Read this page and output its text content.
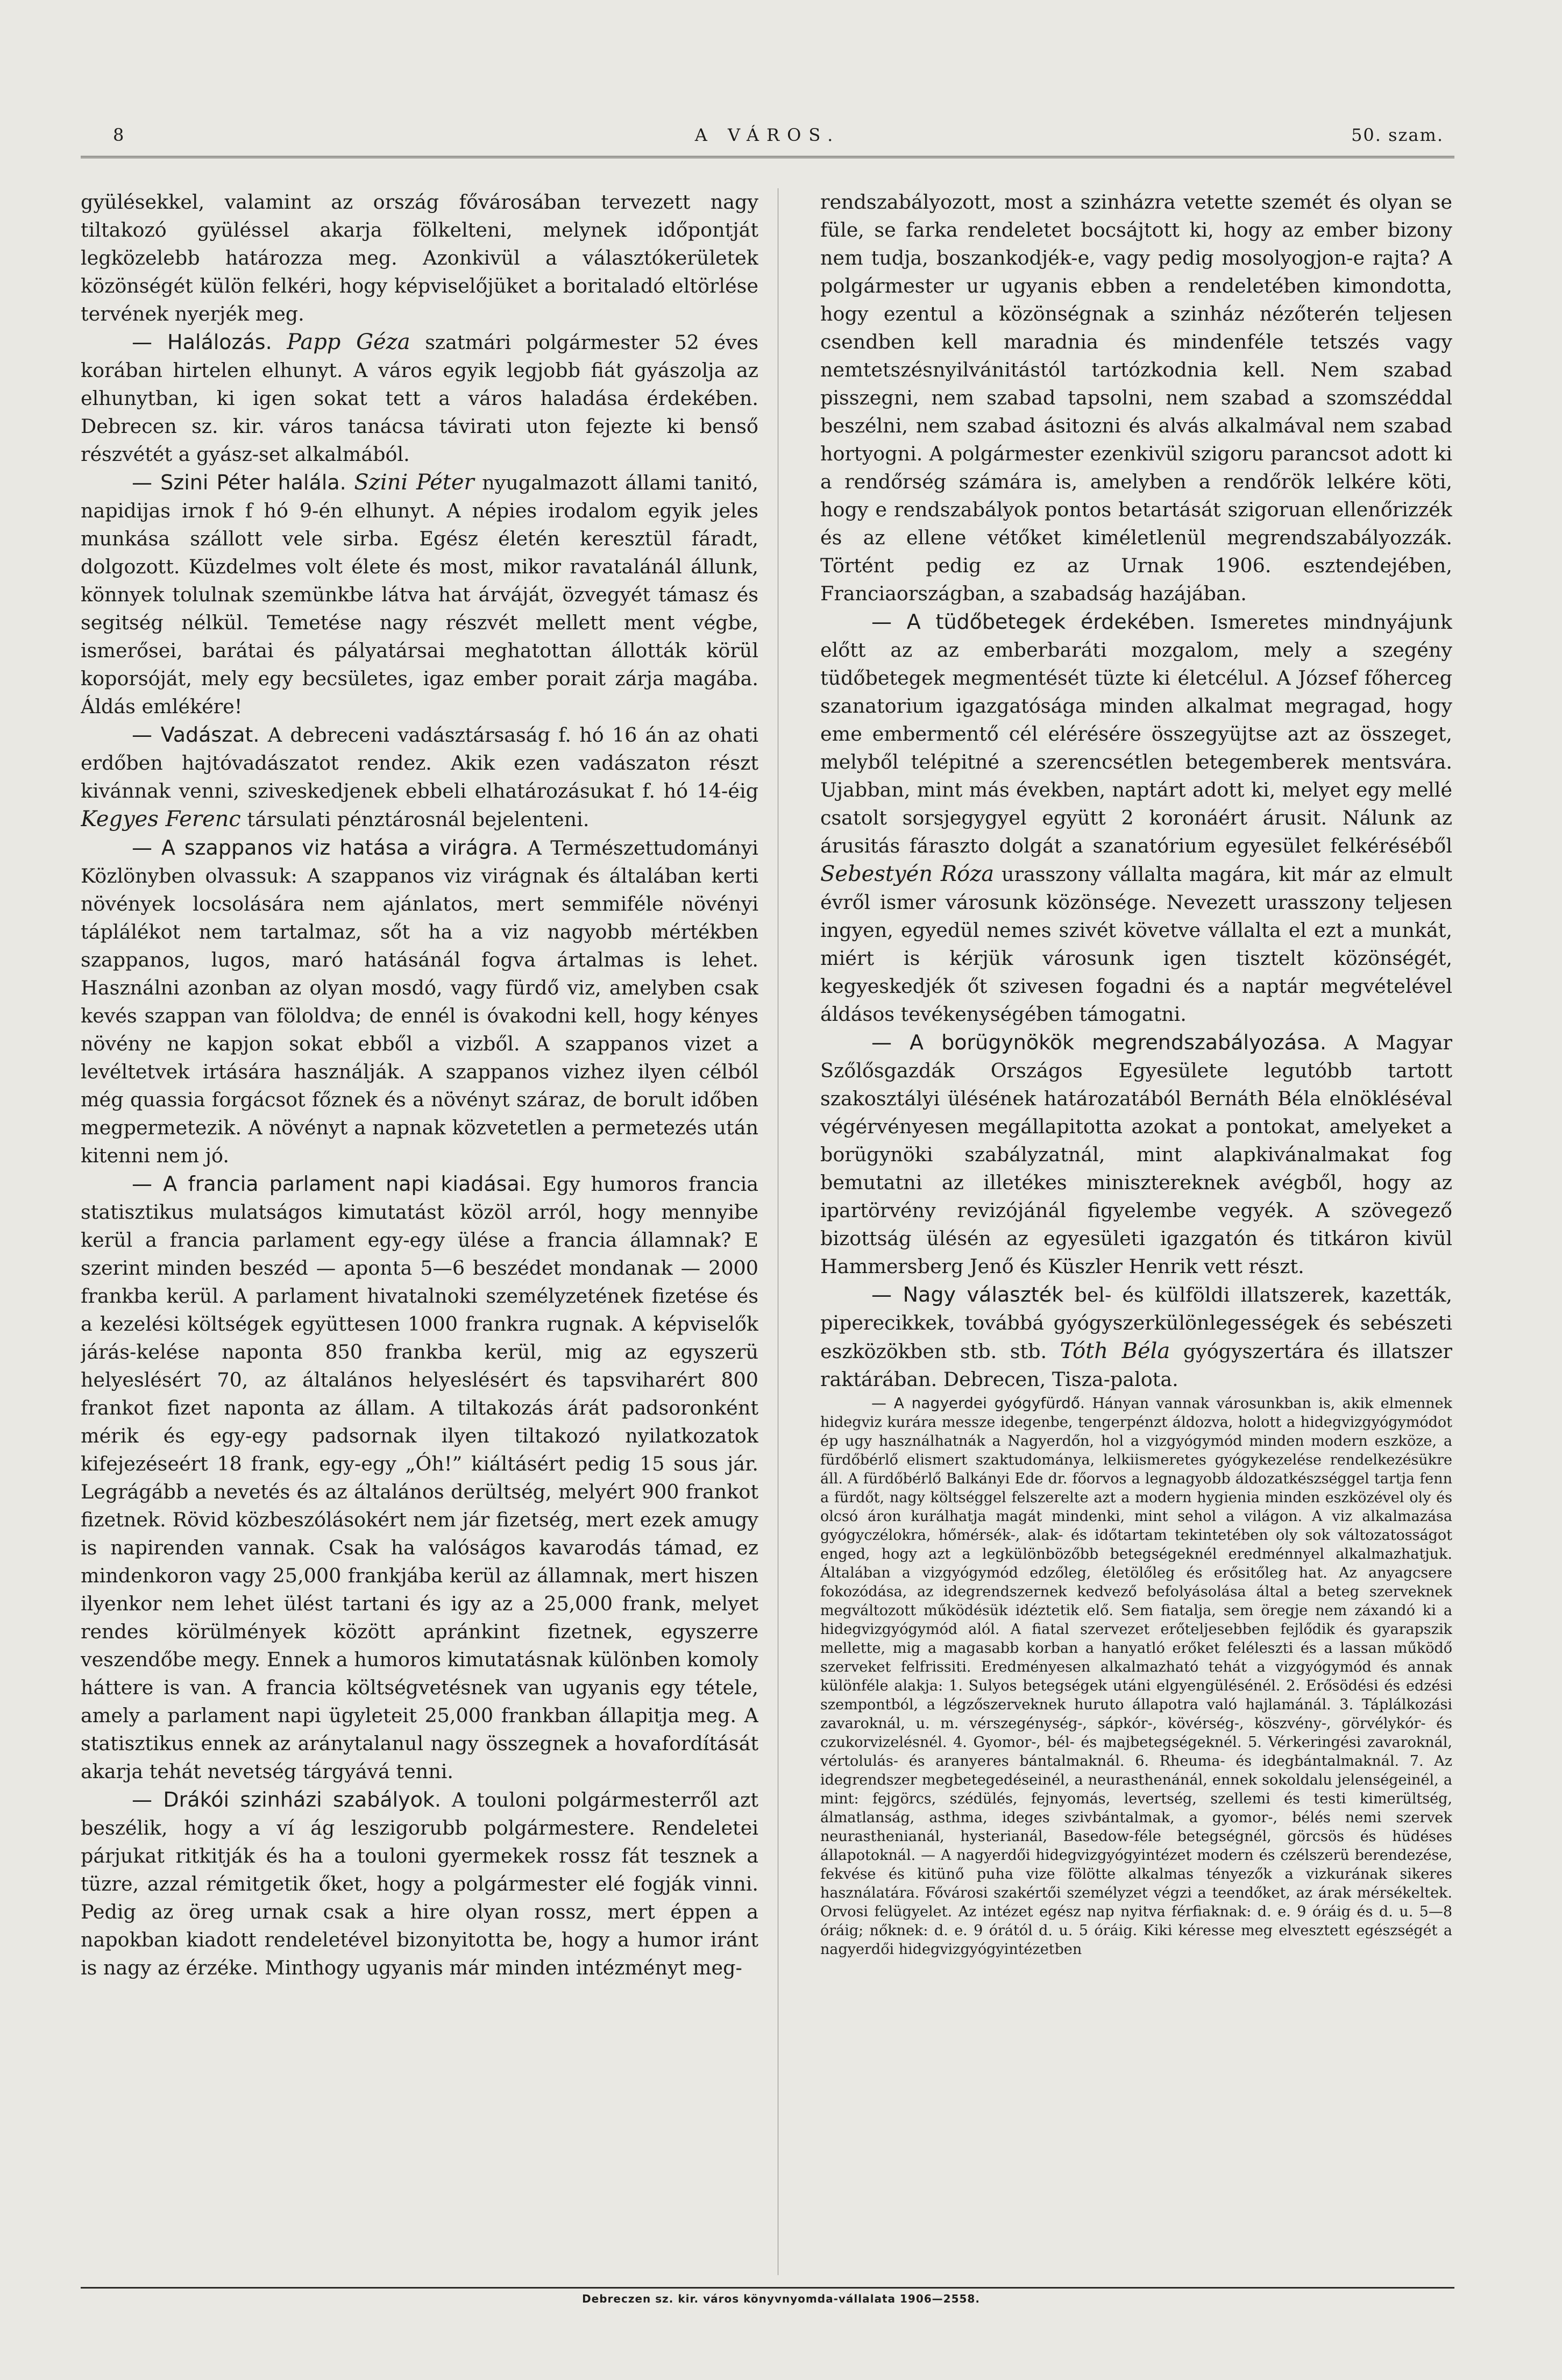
8	A VÁROS.	50. szam.

gyülésekkel, valamint az ország fővárosában tervezett nagy tiltakozó gyüléssel akarja fölkelteni, melynek időpontját legközelebb határozza meg. Azonkivül a választókerületek közönségét külön felkéri, hogy képviselőjüket a boritaladó eltörlése tervének nyerjék meg.

— Halálozás. Papp Géza szatmári polgármester 52 éves korában hirtelen elhunyt. A város egyik legjobb fiát gyászolja az elhunytban, ki igen sokat tett a város haladása érdekében. Debrecen sz. kir. város tanácsa távirati uton fejezte ki benső részvétét a gyász-set alkalmából.

— Szini Péter halála. Szini Péter nyugalmazott állami tanitó, napidijas irnok f hó 9-én elhunyt. A népies irodalom egyik jeles munkása szállott vele sirba. Egész életén keresztül fáradt, dolgozott. Küzdelmes volt élete és most, mikor ravatalánál állunk, könnyek tolulnak szemünkbe látva hat árváját, özvegyét támasz és segitség nélkül. Temetése nagy részvét mellett ment végbe, ismerősei, barátai és pályatársai meghatottan állották körül koporsóját, mely egy becsületes, igaz ember porait zárja magába. Áldás emlékére!

— Vadászat. A debreceni vadásztársaság f. hó 16 án az ohati erdőben hajtóvadászatot rendez. Akik ezen vadászaton részt kivánnak venni, sziveskedjenek ebbeli elhatározásukat f. hó 14-éig Kegyes Ferenc társulati pénztárosnál bejelenteni.

— A szappanos viz hatása a virágra. A Természettudományi Közlönyben olvassuk: A szappanos viz virágnak és általában kerti növények locsolására nem ajánlatos, mert semmiféle növényi táplálékot nem tartalmaz, sőt ha a viz nagyobb mértékben szappanos, lugos, maró hatásánál fogva ártalmas is lehet. Használni azonban az olyan mosdó, vagy fürdő viz, amelyben csak kevés szappan van föloldva; de ennél is óvakodni kell, hogy kényes növény ne kapjon sokat ebből a vizből. A szappanos vizet a levéltetvek irtására használják. A szappanos vizhez ilyen célból még quassia forgácsot főznek és a növényt száraz, de borult időben megpermetezik. A növényt a napnak közvetetlen a permetezés után kitenni nem jó.

— A francia parlament napi kiadásai. Egy humoros francia statisztikus mulatságos kimutatást közöl arról, hogy mennyibe kerül a francia parlament egy-egy ülése a francia államnak? E szerint minden beszéd — aponta 5—6 beszédet mondanak — 2000 frankba kerül. A parlament hivatalnoki személyzetének fizetése és a kezelési költségek együttesen 1000 frankra rugnak. A képviselők járás-kelése naponta 850 frankba kerül, mig az egyszerü helyeslésért 70, az általános helyeslésért és tapsviharért 800 frankot fizet naponta az állam. A tiltakozás árát padsoronként mérik és egy-egy padsornak ilyen tiltakozó nyilatkozatok kifejezéseért 18 frank, egy-egy „Óh!” kiáltásért pedig 15 sous jár. Legrágább a nevetés és az általános derültség, melyért 900 frankot fizetnek. Rövid közbeszólásokért nem jár fizetség, mert ezek amugy is napirenden vannak. Csak ha valóságos kavarodás támad, ez mindenkoron vagy 25,000 frankjába kerül az államnak, mert hiszen ilyenkor nem lehet ülést tartani és igy az a 25,000 frank, melyet rendes körülmények között apránkint fizetnek, egyszerre veszendőbe megy. Ennek a humoros kimutatásnak különben komoly háttere is van. A francia költségvetésnek van ugyanis egy tétele, amely a parlament napi ügyleteit 25,000 frankban állapitja meg. A statisztikus ennek az aránytalanul nagy összegnek a hovafordítását akarja tehát nevetség tárgyává tenni.

— Drákói szinházi szabályok. A touloni polgármesterről azt beszélik, hogy a ví ág leszigorubb polgármestere. Rendeletei párjukat ritkitják és ha a touloni gyermekek rossz fát tesznek a tüzre, azzal rémitgetik őket, hogy a polgármester elé fogják vinni. Pedig az öreg urnak csak a hire olyan rossz, mert éppen a napokban kiadott rendeletével bizonyitotta be, hogy a humor iránt is nagy az érzéke. Minthogy ugyanis már minden intézményt meg-

rendszabályozott, most a szinházra vetette szemét és olyan se füle, se farka rendeletet bocsájtott ki, hogy az ember bizony nem tudja, boszankodjék-e, vagy pedig mosolyogjon-e rajta? A polgármester ur ugyanis ebben a rendeletében kimondotta, hogy ezentul a közönségnak a szinház nézőterén teljesen csendben kell maradnia és mindenféle tetszés vagy nemtetszésnyilvánitástól tartózkodnia kell. Nem szabad pisszegni, nem szabad tapsolni, nem szabad a szomszéddal beszélni, nem szabad ásitozni és alvás alkalmával nem szabad hortyogni. A polgármester ezenkivül szigoru parancsot adott ki a rendőrség számára is, amelyben a rendőrök lelkére köti, hogy e rendszabályok pontos betartását szigoruan ellenőrizzék és az ellene vétőket kiméletlenül megrendszabályozzák. Történt pedig ez az Urnak 1906. esztendejében, Franciaországban, a szabadság hazájában.

— A tüdőbetegek érdekében. Ismeretes mindnyájunk előtt az az emberbaráti mozgalom, mely a szegény tüdőbetegek megmentését tüzte ki életcélul. A József főherceg szanatorium igazgatósága minden alkalmat megragad, hogy eme embermentő cél elérésére összegyüjtse azt az összeget, melyből telépitné a szerencsétlen betegemberek mentsvára. Ujabban, mint más években, naptárt adott ki, melyet egy mellé csatolt sorsjegygyel együtt 2 koronáért árusit. Nálunk az árusitás fáraszto dolgát a szanatórium egyesület felkéréséből Sebestyén Róza urasszony vállalta magára, kit már az elmult évről ismer városunk közönsége. Nevezett urasszony teljesen ingyen, egyedül nemes szivét követve vállalta el ezt a munkát, miért is kérjük városunk igen tisztelt közönségét, kegyeskedjék őt szivesen fogadni és a naptár megvételével áldásos tevékenységében támogatni.

— A borügynökök megrendszabályozása. A Magyar Szőlősgazdák Országos Egyesülete legutóbb tartott szakosztályi ülésének határozatából Bernáth Béla elnökléséval végérvényesen megállapitotta azokat a pontokat, amelyeket a borügynöki szabályzatnál, mint alapkivánalmakat fog bemutatni az illetékes minisztereknek avégből, hogy az ipartörvény revizójánál figyelembe vegyék. A szövegező bizottság ülésén az egyesületi igazgatón és titkáron kivül Hammersberg Jenő és Küszler Henrik vett részt.

— Nagy választék bel- és külföldi illatszerek, kazetták, piperecikkek, továbbá gyógyszerkülönlegességek és sebészeti eszközökben stb. stb. Tóth Béla gyógyszertára és illatszer raktárában. Debrecen, Tisza-palota.

— A nagyerdei gyógyfürdő. Hányan vannak városunkban is, akik elmennek hidegviz kurára messze idegenbe, tengerpénzt áldozva, holott a hidegvizgyógymódot ép ugy használhatnák a Nagyerdőn, hol a vizgyógymód minden modern eszköze, a fürdőbérlő elismert szaktudománya, lelkiismeretes gyógykezelése rendelkezésükre áll. A fürdőbérlő Balkányi Ede dr. főorvos a legnagyobb áldozatkészséggel tartja fenn a fürdőt, nagy költséggel felszerelte azt a modern hygienia minden eszközével oly és olcsó áron kurálhatja magát mindenki, mint sehol a világon. A viz alkalmazása gyógyczélokra, hőmérsék-, alak- és időtartam tekintetében oly sok változatosságot enged, hogy azt a legkülönbözőbb betegségeknél eredménnyel alkalmazhatjuk. Általában a vizgyógymód edzőleg, életölőleg és erősitőleg hat. Az anyagcsere fokozódása, az idegrendszernek kedvező befolyásolása által a beteg szerveknek megváltozott működésük idéztetik elő. Sem fiatalja, sem öregje nem záxandó ki a hidegvizgyógymód alól. A fiatal szervezet erőteljesebben fejlődik és gyarapszik mellette, mig a magasabb korban a hanyatló erőket feléleszti és a lassan működő szerveket felfrissiti. Eredményesen alkalmazható tehát a vizgyógymód és annak különféle alakja: 1. Sulyos betegségek utáni elgyengülésénél. 2. Erősödési és edzési szempontból, a légzőszerveknek huruto állapotra való hajlamánál. 3. Táplálkozási zavaroknál, u. m. vérszegénység-, sápkór-, kövérség-, köszvény-, görvélykór- és czukorvizelésnél. 4. Gyomor-, bél- és majbetegségeknél. 5. Vérkeringési zavaroknál, vértolulás- és aranyeres bántalmaknál. 6. Rheuma- és idegbántalmaknál. 7. Az idegrendszer megbetegedéseinél, a neurasthenánál, ennek sokoldalu jelenségeinél, a mint: fejgörcs, szédülés, fejnyomás, levertség, szellemi és testi kimerültség, álmatlanság, asthma, ideges szivbántalmak, a gyomor-, bélés nemi szervek neurasthenianál, hysterianál, Basedow-féle betegségnél, görcsös és hüdéses állapotoknál. — A nagyerdői hidegvizgyógyintézet modern és czélszerü berendezése, fekvése és kitünő puha vize fölötte alkalmas tényezők a vizkurának sikeres használatára. Fővárosi szakértői személyzet végzi a teendőket, az árak mérsékeltek. Orvosi felügyelet. Az intézet egész nap nyitva férfiaknak: d. e. 9 óráig és d. u. 5—8 óráig; nőknek: d. e. 9 órától d. u. 5 óráig. Kiki kéresse meg elvesztett egészségét a nagyerdői hidegvizgyógyintézetben

Debreczen sz. kir. város könyvnyomda-vállalata 1906—2558.
